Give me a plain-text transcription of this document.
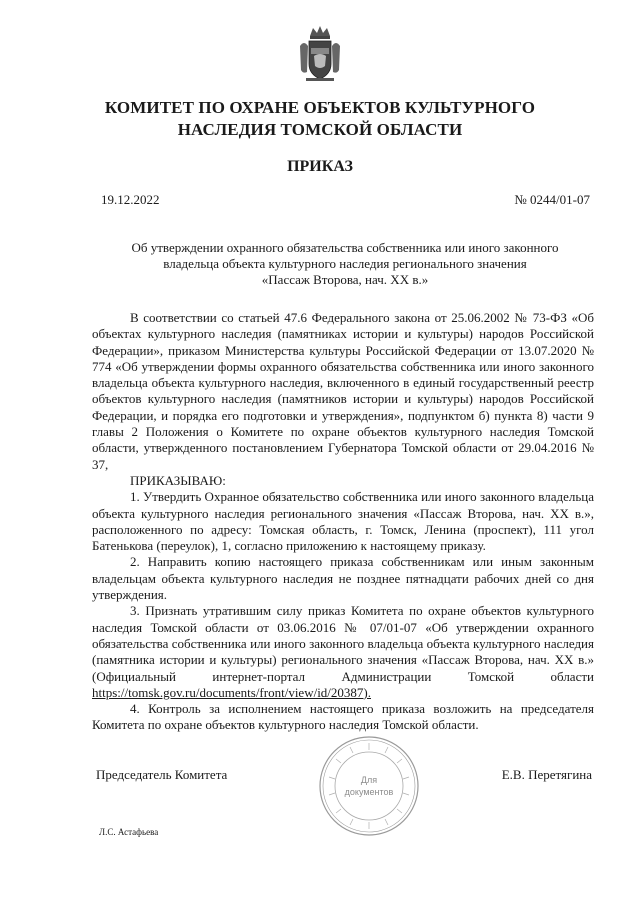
КОМИТЕТ ПО ОХРАНЕ ОБЪЕКТОВ КУЛЬТУРНОГО
НАСЛЕДИЯ ТОМСКОЙ ОБЛАСТИ
ПРИКАЗ
19.12.2022	№ 0244/01-07
Об утверждении охранного обязательства собственника или иного законного
владельца объекта культурного наследия регионального значения
«Пассаж Второва, нач. XX в.»

В соответствии со статьей 47.6 Федерального закона от 25.06.2002 № 73-ФЗ «Об объектах культурного наследия (памятниках истории и культуры) народов Российской Федерации», приказом Министерства культуры Российской Федерации от 13.07.2020 № 774 «Об утверждении формы охранного обязательства собственника или иного законного владельца объекта культурного наследия, включенного в единый государственный реестр объектов культурного наследия (памятников истории и культуры) народов Российской Федерации, и порядка его подготовки и утверждения», подпунктом б) пункта 8) части 9 главы 2 Положения о Комитете по охране объектов культурного наследия Томской области, утвержденного постановлением Губернатора Томской области от 29.04.2016 № 37,

ПРИКАЗЫВАЮ:

1. Утвердить Охранное обязательство собственника или иного законного владельца объекта культурного наследия регионального значения «Пассаж Второва, нач. XX в.», расположенного по адресу: Томская область, г. Томск, Ленина (проспект), 111 угол Батенькова (переулок), 1, согласно приложению к настоящему приказу.

2. Направить копию настоящего приказа собственникам или иным законным владельцам объекта культурного наследия не позднее пятнадцати рабочих дней со дня утверждения.

3. Признать утратившим силу приказ Комитета по охране объектов культурного наследия Томской области от 03.06.2016 № 07/01-07 «Об утверждении охранного обязательства собственника или иного законного владельца объекта культурного наследия (памятника истории и культуры) регионального значения «Пассаж Второва, нач. XX в.» (Официальный интернет-портал Администрации Томской области https://tomsk.gov.ru/documents/front/view/id/20387).

4. Контроль за исполнением настоящего приказа возложить на председателя Комитета по охране объектов культурного наследия Томской области.

Председатель Комитета	Е.В. Перетягина
Для
документов
Л.С. Астафьева
